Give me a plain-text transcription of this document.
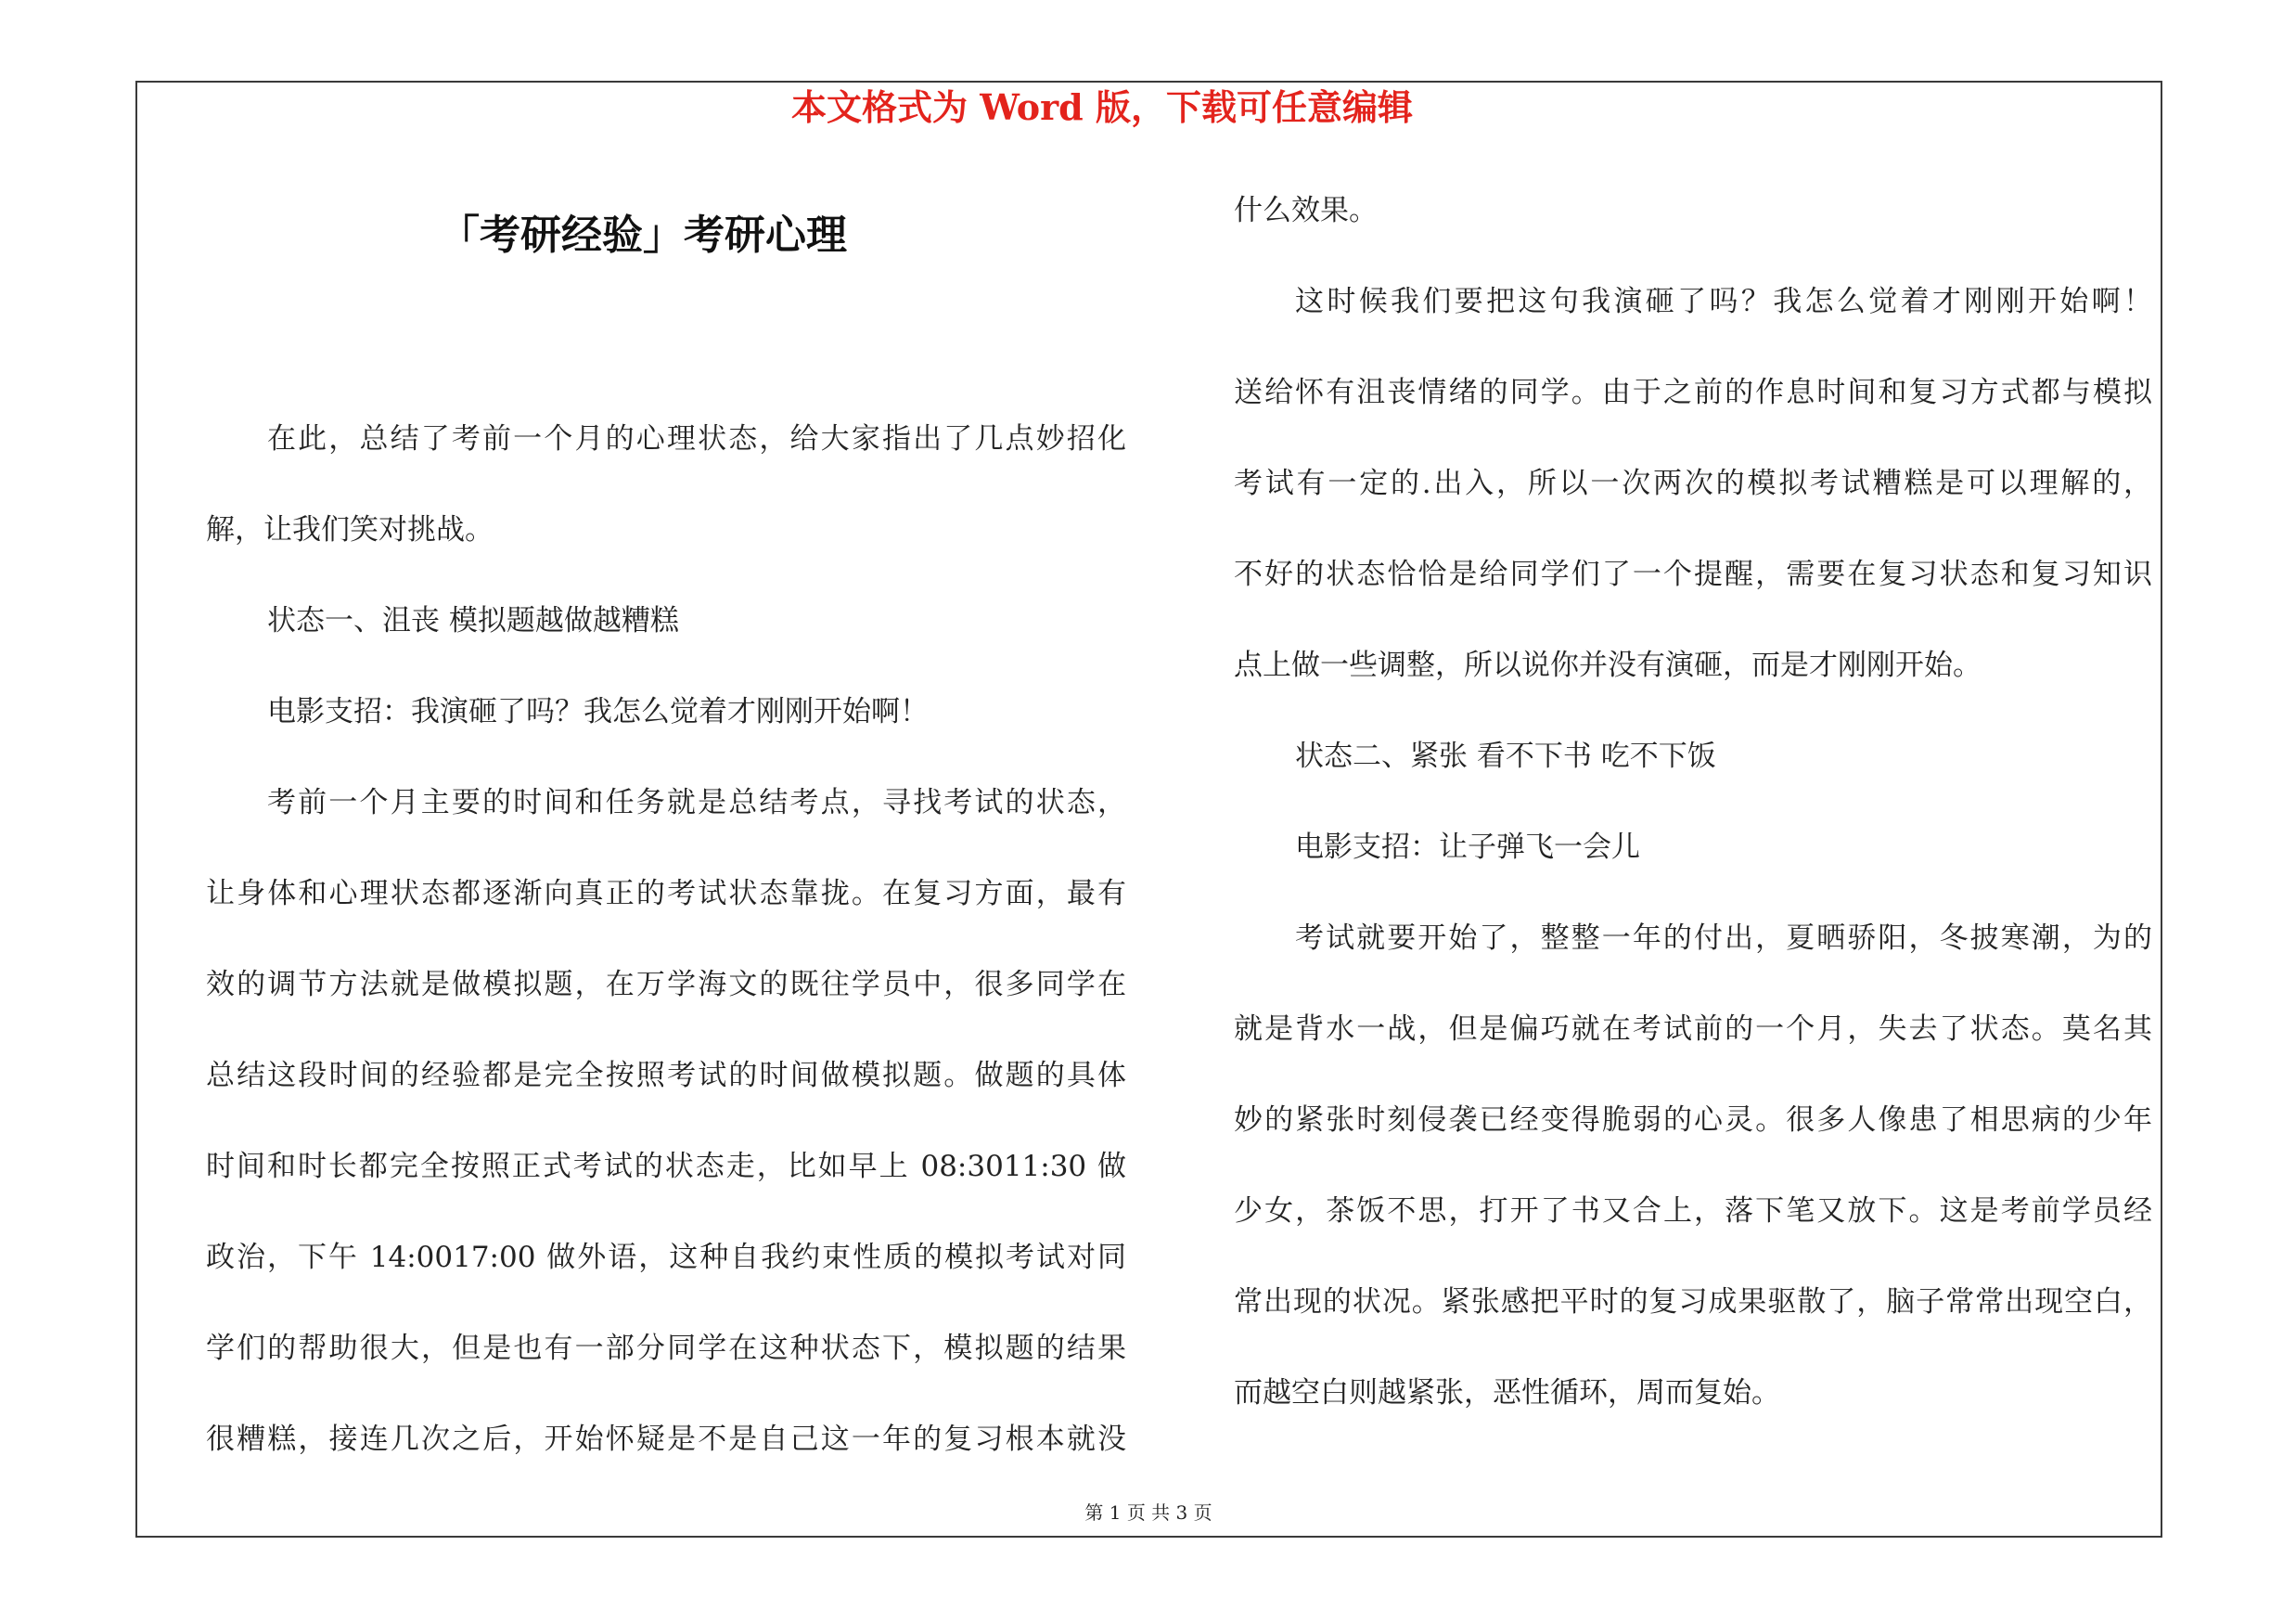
本文格式为 Word 版，下载可任意编辑
「考研经验」考研心理
在此，总结了考前一个月的心理状态，给大家指出了几点妙招化
解，让我们笑对挑战。
状态一、沮丧 模拟题越做越糟糕
电影支招：我演砸了吗？我怎么觉着才刚刚开始啊！
考前一个月主要的时间和任务就是总结考点，寻找考试的状态，
让身体和心理状态都逐渐向真正的考试状态靠拢。在复习方面，最有
效的调节方法就是做模拟题，在万学海文的既往学员中，很多同学在
总结这段时间的经验都是完全按照考试的时间做模拟题。做题的具体
时间和时长都完全按照正式考试的状态走，比如早上 08:3011:30 做
政治，下午 14:0017:00 做外语，这种自我约束性质的模拟考试对同
学们的帮助很大，但是也有一部分同学在这种状态下，模拟题的结果
很糟糕，接连几次之后，开始怀疑是不是自己这一年的复习根本就没
什么效果。
这时候我们要把这句我演砸了吗？我怎么觉着才刚刚开始啊！
送给怀有沮丧情绪的同学。由于之前的作息时间和复习方式都与模拟
考试有一定的.出入，所以一次两次的模拟考试糟糕是可以理解的，
不好的状态恰恰是给同学们了一个提醒，需要在复习状态和复习知识
点上做一些调整，所以说你并没有演砸，而是才刚刚开始。
状态二、紧张 看不下书 吃不下饭
电影支招：让子弹飞一会儿
考试就要开始了，整整一年的付出，夏晒骄阳，冬披寒潮，为的
就是背水一战，但是偏巧就在考试前的一个月，失去了状态。莫名其
妙的紧张时刻侵袭已经变得脆弱的心灵。很多人像患了相思病的少年
少女，茶饭不思，打开了书又合上，落下笔又放下。这是考前学员经
常出现的状况。紧张感把平时的复习成果驱散了，脑子常常出现空白，
而越空白则越紧张，恶性循环，周而复始。
第 1 页 共 3 页
